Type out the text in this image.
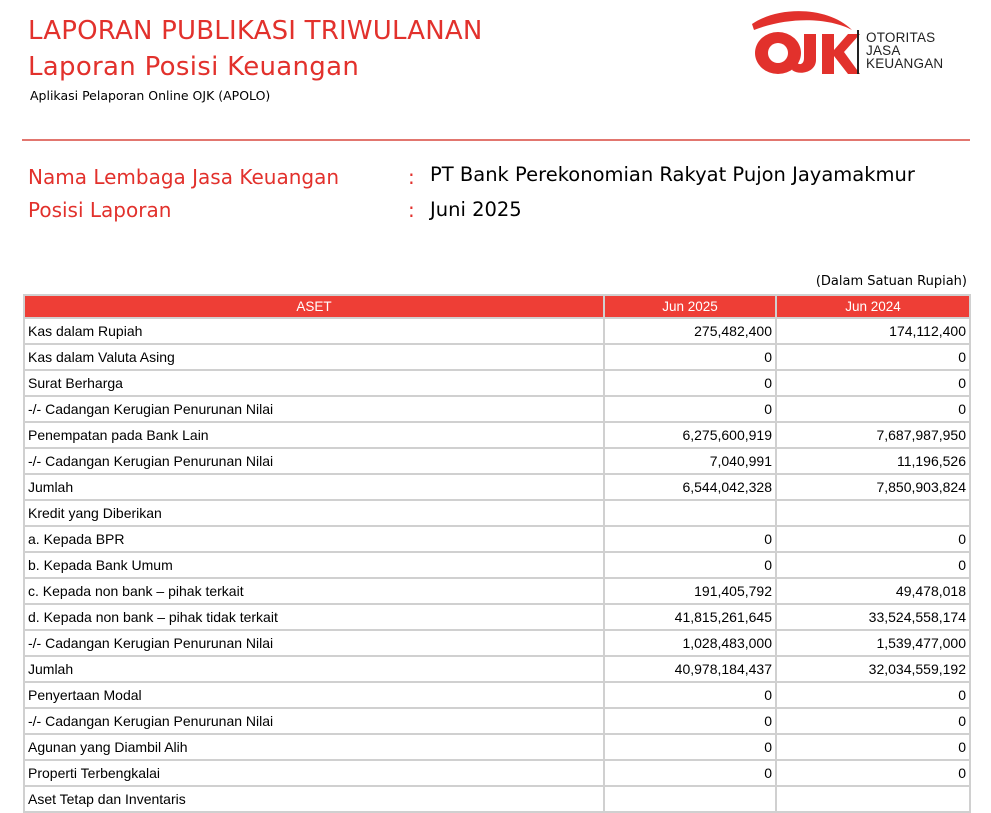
LAPORAN PUBLIKASI TRIWULANAN
Laporan Posisi Keuangan
Aplikasi Pelaporan Online OJK (APOLO)
OTORITAS
JASA
KEUANGAN
Nama Lembaga Jasa Keuangan	: PT Bank Perekonomian Rakyat Pujon Jayamakmur
Posisi Laporan	: Juni 2025
(Dalam Satuan Rupiah)
ASET	Jun 2025	Jun 2024
Kas dalam Rupiah	275,482,400	174,112,400
Kas dalam Valuta Asing	0	0
Surat Berharga	0	0
-/- Cadangan Kerugian Penurunan Nilai	0	0
Penempatan pada Bank Lain	6,275,600,919	7,687,987,950
-/- Cadangan Kerugian Penurunan Nilai	7,040,991	11,196,526
Jumlah	6,544,042,328	7,850,903,824
Kredit yang Diberikan		
a. Kepada BPR	0	0
b. Kepada Bank Umum	0	0
c. Kepada non bank – pihak terkait	191,405,792	49,478,018
d. Kepada non bank – pihak tidak terkait	41,815,261,645	33,524,558,174
-/- Cadangan Kerugian Penurunan Nilai	1,028,483,000	1,539,477,000
Jumlah	40,978,184,437	32,034,559,192
Penyertaan Modal	0	0
-/- Cadangan Kerugian Penurunan Nilai	0	0
Agunan yang Diambil Alih	0	0
Properti Terbengkalai	0	0
Aset Tetap dan Inventaris		
